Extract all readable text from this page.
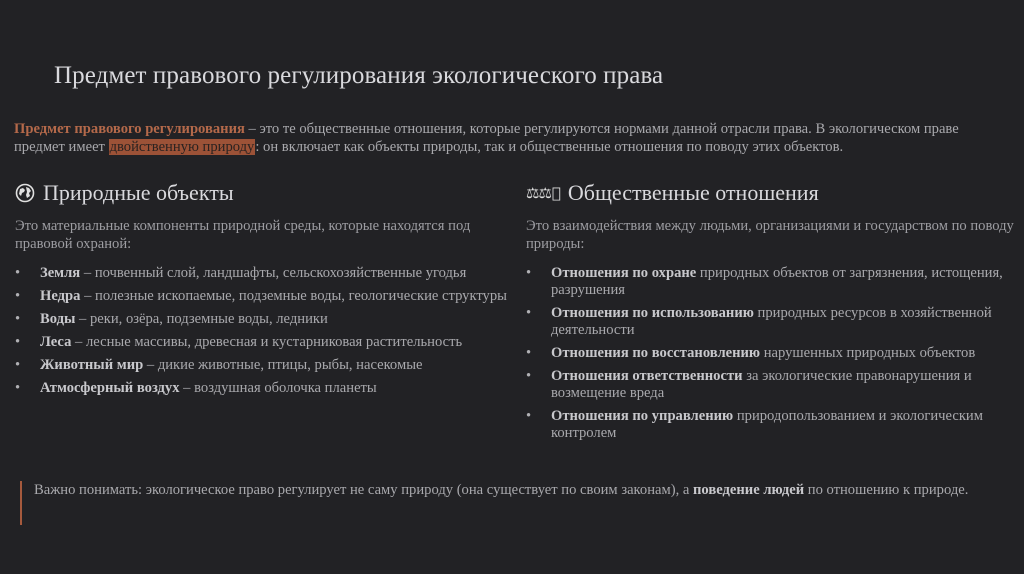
Предмет правового регулирования экологического права
Предмет правового регулирования – это те общественные отношения, которые регулируются нормами данной отрасли права. В экологическом праве предмет имеет двойственную природу: он включает как объекты природы, так и общественные отношения по поводу этих объектов.
Природные объекты
Это материальные компоненты природной среды, которые находятся под правовой охраной:
• Земля – почвенный слой, ландшафты, сельскохозяйственные угодья
• Недра – полезные ископаемые, подземные воды, геологические структуры
• Воды – реки, озёра, подземные воды, ледники
• Леса – лесные массивы, древесная и кустарниковая растительность
• Животный мир – дикие животные, птицы, рыбы, насекомые
• Атмосферный воздух – воздушная оболочка планеты
⚖⚖⃞ Общественные отношения
Это взаимодействия между людьми, организациями и государством по поводу природы:
• Отношения по охране природных объектов от загрязнения, истощения, разрушения
• Отношения по использованию природных ресурсов в хозяйственной деятельности
• Отношения по восстановлению нарушенных природных объектов
• Отношения ответственности за экологические правонарушения и возмещение вреда
• Отношения по управлению природопользованием и экологическим контролем
Важно понимать: экологическое право регулирует не саму природу (она существует по своим законам), а поведение людей по отношению к природе.
